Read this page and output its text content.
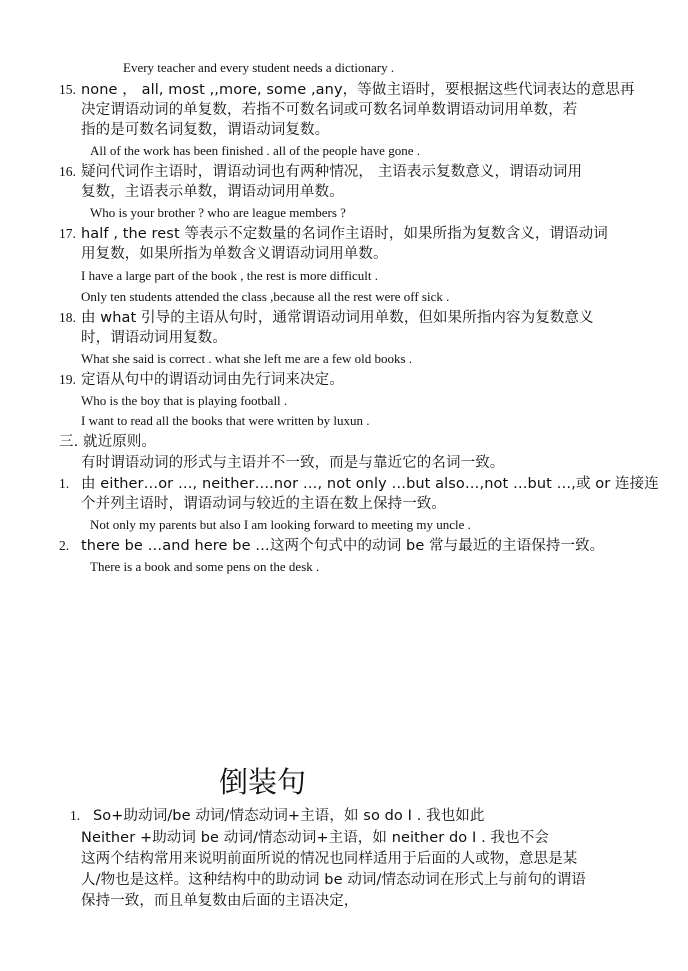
Every teacher and every student needs a dictionary .
15. none ， all, most ,,more, some ,any，等做主语时，要根据这些代词表达的意思再
决定谓语动词的单复数，若指不可数名词或可数名词单数谓语动词用单数，若
指的是可数名词复数，谓语动词复数。
All of the work has been finished . all of the people have gone .
16. 疑问代词作主语时，谓语动词也有两种情况， 主语表示复数意义，谓语动词用
复数，主语表示单数，谓语动词用单数。
Who is your brother ? who are league members ?
17. half , the rest 等表示不定数量的名词作主语时，如果所指为复数含义，谓语动词
用复数，如果所指为单数含义谓语动词用单数。
I have a large part of the book , the rest is more difficult .
Only ten students attended the class ,because all the rest were off sick .
18. 由 what 引导的主语从句时，通常谓语动词用单数，但如果所指内容为复数意义
时，谓语动词用复数。
What she said is correct . what she left me are a few old books .
19. 定语从句中的谓语动词由先行词来决定。
Who is the boy that is playing football .
I want to read all the books that were written by luxun .
三. 就近原则。
有时谓语动词的形式与主语并不一致，而是与靠近它的名词一致。
1. 由 either…or …, neither….nor …, not only …but also…,not …but …,或 or 连接连
个并列主语时，谓语动词与较近的主语在数上保持一致。
Not only my parents but also I am looking forward to meeting my uncle .
2. there be …and here be …这两个句式中的动词 be 常与最近的主语保持一致。
There is a book and some pens on the desk .
倒装句
1. So+助动词/be 动词/情态动词+主语，如 so do I . 我也如此
Neither +助动词 be 动词/情态动词+主语，如 neither do I . 我也不会
这两个结构常用来说明前面所说的情况也同样适用于后面的人或物，意思是某
人/物也是这样。这种结构中的助动词 be 动词/情态动词在形式上与前句的谓语
保持一致，而且单复数由后面的主语决定，
